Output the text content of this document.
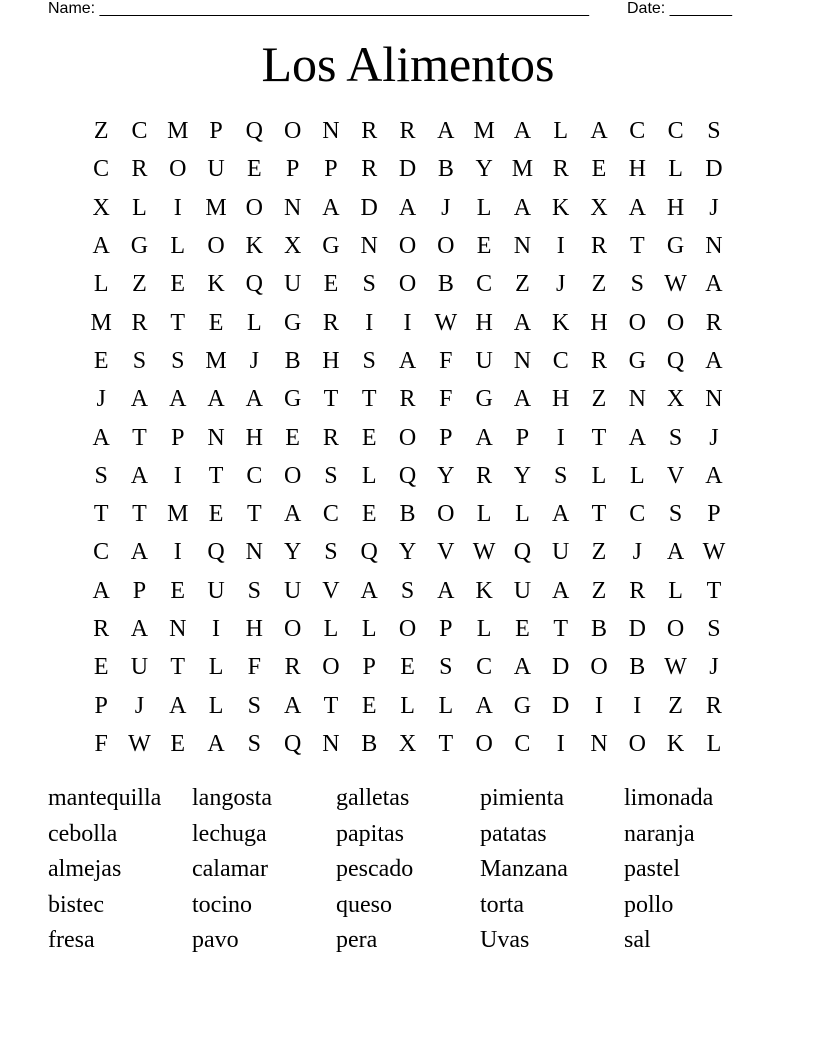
Name: _______________________________________________________ Date: _______
Los Alimentos
Z C M P Q O N R R A M A L A C C S
C R O U E	P	P R D B Y M R E H L D
X L	I M O N A D A	J	L A K X A H	J
A G L O K X G N O O E N	I	R T G N
L Z E K Q U E	S O B C Z	J	Z	S W A
M R T E L G R	I	I W H A K H O O R
E	S	S M J	B H S A F U N C R G Q A
J	A A A A G T T R F G A H Z N X N
A T	P N H E R E O P A P	I	T A S	J
S A	I	T C O S	L Q Y R Y S	L L V A
T T M E T A C E B O L L A T C S	P
C A	I	Q N Y S Q Y V W Q U Z	J	A W
A P	E U S U V A S A K U A Z R L T
R A N	I	H O L L O P	L E T B D O S
E U T L	F R O P	E	S C A D O B W J
P	J	A L	S A T E L L A G D	I	I	Z R
F W E A S Q N B X T O C	I	N O K L
mantequilla	langosta	galletas	pimienta	limonada
cebolla	lechuga	papitas	patatas	naranja
almejas	calamar	pescado	Manzana	pastel
bistec	tocino	queso	torta	pollo
fresa	pavo	pera	Uvas	sal
